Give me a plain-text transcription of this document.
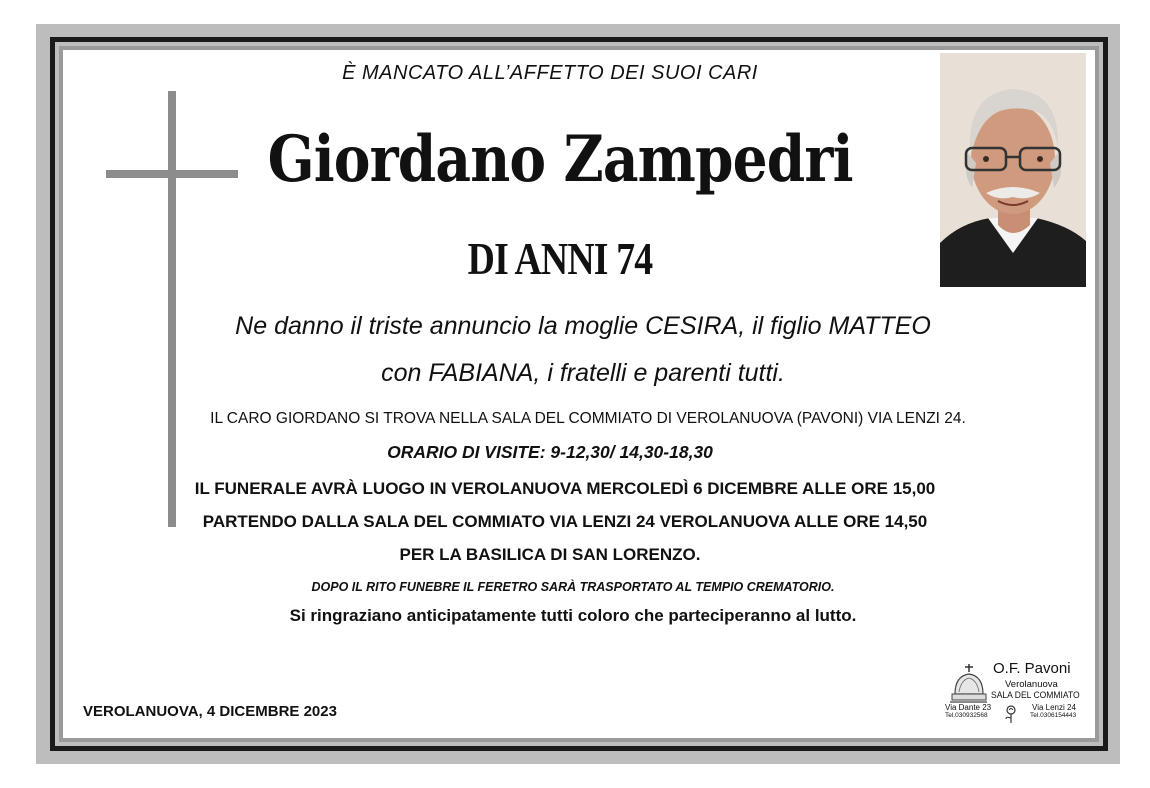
È MANCATO ALL’AFFETTO DEI SUOI CARI
Giordano Zampedri
DI ANNI 74
Ne danno il triste annuncio la moglie CESIRA, il figlio MATTEO
con FABIANA, i fratelli e parenti tutti.
IL CARO GIORDANO SI TROVA NELLA SALA DEL COMMIATO DI VEROLANUOVA (PAVONI) VIA LENZI 24.
ORARIO DI VISITE: 9-12,30/ 14,30-18,30
IL FUNERALE AVRÀ LUOGO IN VEROLANUOVA MERCOLEDÌ 6 DICEMBRE ALLE ORE 15,00
PARTENDO DALLA SALA DEL COMMIATO VIA LENZI 24 VEROLANUOVA ALLE ORE 14,50
PER LA BASILICA DI SAN LORENZO.
DOPO IL RITO FUNEBRE IL FERETRO SARÀ TRASPORTATO AL TEMPIO CREMATORIO.
Si ringraziano anticipatamente tutti coloro che parteciperanno al lutto.
VEROLANUOVA, 4 DICEMBRE 2023
O.F. Pavoni
Verolanuova
SALA DEL COMMIATO
Via Dante 23
Tel.030932568
Via Lenzi 24
Tel.0306154443
